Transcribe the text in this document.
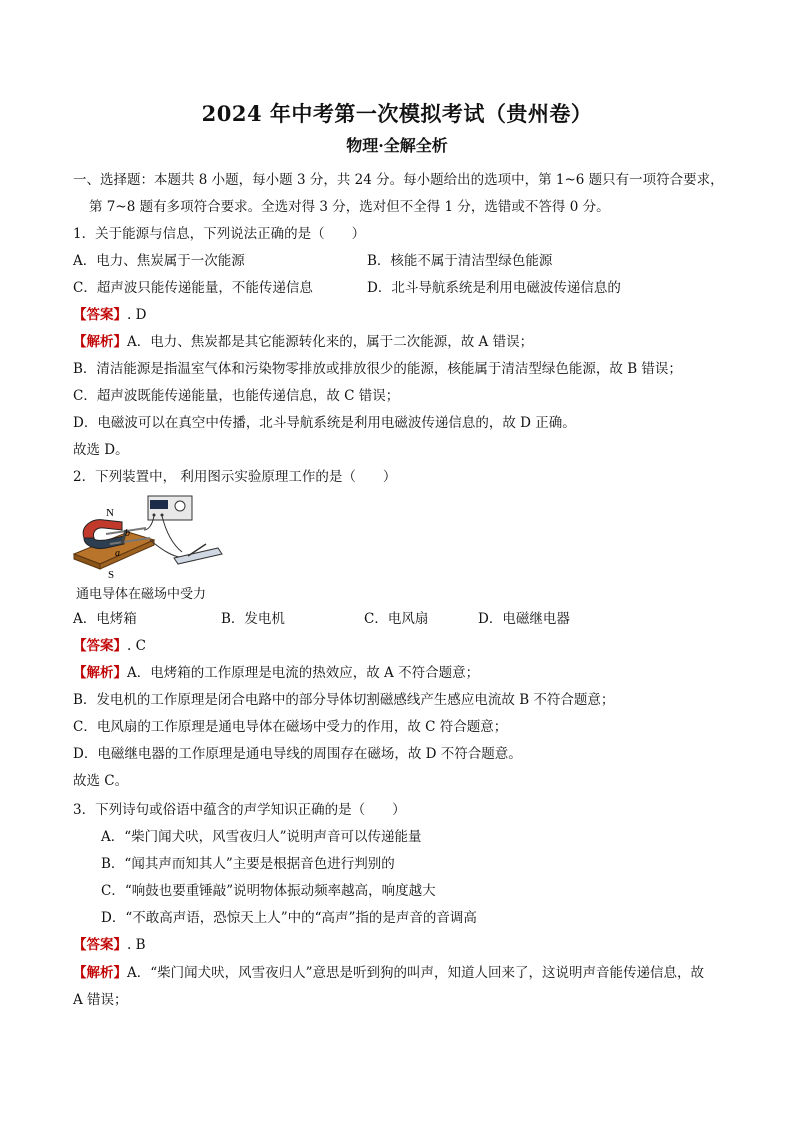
2024 年中考第一次模拟考试（贵州卷）
物理·全解全析
一、选择题：本题共 8 小题，每小题 3 分，共 24 分。每小题给出的选项中，第 1~6 题只有一项符合要求，
第 7~8 题有多项符合要求。全选对得 3 分，选对但不全得 1 分，选错或不答得 0 分。
1．关于能源与信息，下列说法正确的是（　　）
A．电力、焦炭属于一次能源	B．核能不属于清洁型绿色能源
C．超声波只能传递能量，不能传递信息	D．北斗导航系统是利用电磁波传递信息的
【答案】. D
【解析】A．电力、焦炭都是其它能源转化来的，属于二次能源，故 A 错误；
B．清洁能源是指温室气体和污染物零排放或排放很少的能源，核能属于清洁型绿色能源，故 B 错误；
C．超声波既能传递能量，也能传递信息，故 C 错误；
D．电磁波可以在真空中传播，北斗导航系统是利用电磁波传递信息的，故 D 正确。
故选 D。
2．下列装置中， 利用图示实验原理工作的是（　　）
N
b
a
S
通电导体在磁场中受力
A．电烤箱	B．发电机	C．电风扇	D．电磁继电器
【答案】. C
【解析】A．电烤箱的工作原理是电流的热效应，故 A 不符合题意；
B．发电机的工作原理是闭合电路中的部分导体切割磁感线产生感应电流故 B 不符合题意；
C．电风扇的工作原理是通电导体在磁场中受力的作用，故 C 符合题意；
D．电磁继电器的工作原理是通电导线的周围存在磁场，故 D 不符合题意。
故选 C。
3．下列诗句或俗语中蕴含的声学知识正确的是（　　）
A．“柴门闻犬吠，风雪夜归人”说明声音可以传递能量
B．“闻其声而知其人”主要是根据音色进行判别的
C．“响鼓也要重锤敲”说明物体振动频率越高，响度越大
D．“不敢高声语，恐惊天上人”中的“高声”指的是声音的音调高
【答案】. B
【解析】A．“柴门闻犬吠，风雪夜归人”意思是听到狗的叫声，知道人回来了，这说明声音能传递信息，故
A 错误；
